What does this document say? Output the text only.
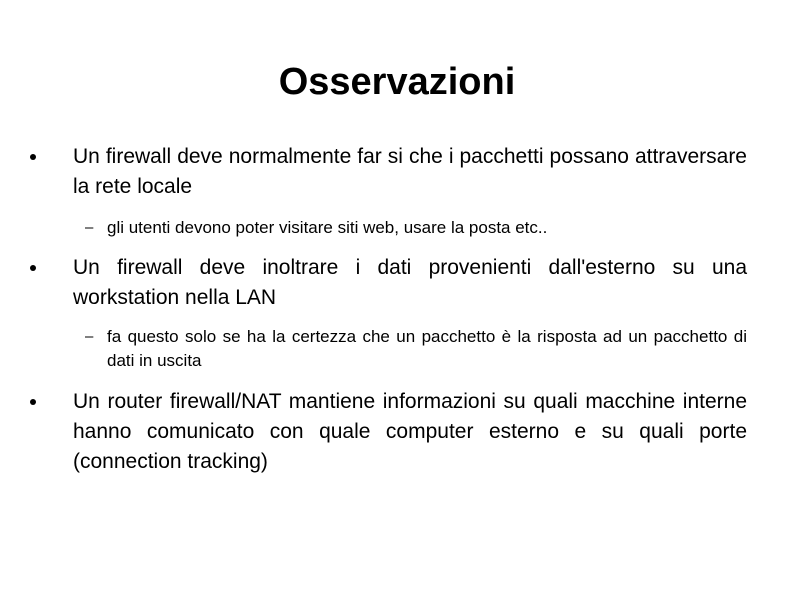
Osservazioni
Un firewall deve normalmente far si che i pacchetti possano attraversare la rete locale
– gli utenti devono poter visitare siti web, usare la posta etc..
Un firewall deve inoltrare i dati provenienti dall'esterno su una workstation nella LAN
– fa questo solo se ha la certezza che un pacchetto è la risposta ad un pacchetto di dati in uscita
Un router firewall/NAT mantiene informazioni su quali macchine interne hanno comunicato con quale computer esterno e su quali porte (connection tracking)
